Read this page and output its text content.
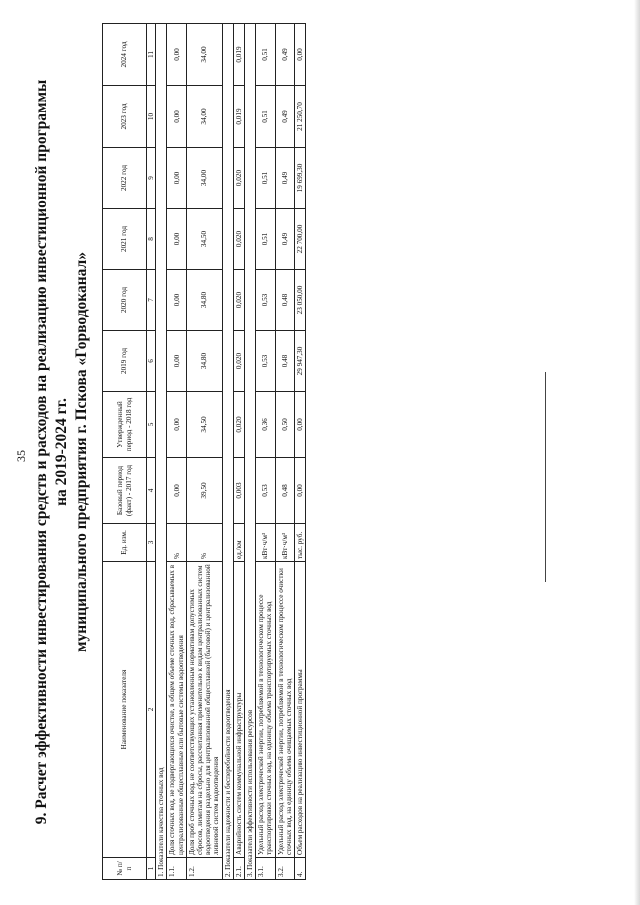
35 9. Расчет эффективности инвестирования средств и расходов на реализацию инвестиционной программы на 2019-2024 гг. муниципального предприятия г. Пскова «Горводоканал»

№ п/п	Наименование показателя	Ед. изм.	Базовый период (факт) - 2017 год	Утвержденный период - 2018 год	2019 год	2020 год	2021 год	2022 год	2023 год	2024 год
1	2	3	4	5	6	7	8	9	10	11
1. Показатели качества сточных вод										
1.1.	Доля сточных вод, не подвергающихся очистке, в общем объеме сточных вод, сбрасываемых в централизованные общесплавные или бытовые системы водоотведения	%	0,00	0,00	0,00	0,00	0,00	0,00	0,00	0,00
1.2.	Доля проб сточных вод, не соответствующих установленным нормативам допустимых сбросов, лимитам на сбросы, рассчитанная применительно к видам централизованных систем водоотведения раздельно для централизованной общесплавной (бытовой) и централизованной ливневой систем водоотведения	%	39,50	34,50	34,80	34,80	34,50	34,00	34,00	34,00
2. Показатели надежности и бесперебойности водоотведения										
2.1.	Аварийность систем коммунальной инфраструктуры	ед./км	0,003	0,020	0,020	0,020	0,020	0,020	0,019	0,019
3. Показатели эффективности использования ресурсов										
3.1.	Удельный расход электрической энергии, потребляемой в технологическом процессе транспортировки сточных вод, на единицу объема транспортируемых сточных вод	кВт·ч/м³	0,53	0,36	0,53	0,53	0,51	0,51	0,51	0,51
3.2.	Удельный расход электрической энергии, потребляемой в технологическом процессе очистки сточных вод, на единицу объема очищаемых сточных вод	кВт·ч/м³	0,48	0,50	0,48	0,48	0,49	0,49	0,49	0,49
4.	Объем расходов на реализацию инвестиционной программы	тыс. руб.	0,00	0,00	29 947,30	23 050,00	22 700,00	19 699,30	21 250,70	0,00
